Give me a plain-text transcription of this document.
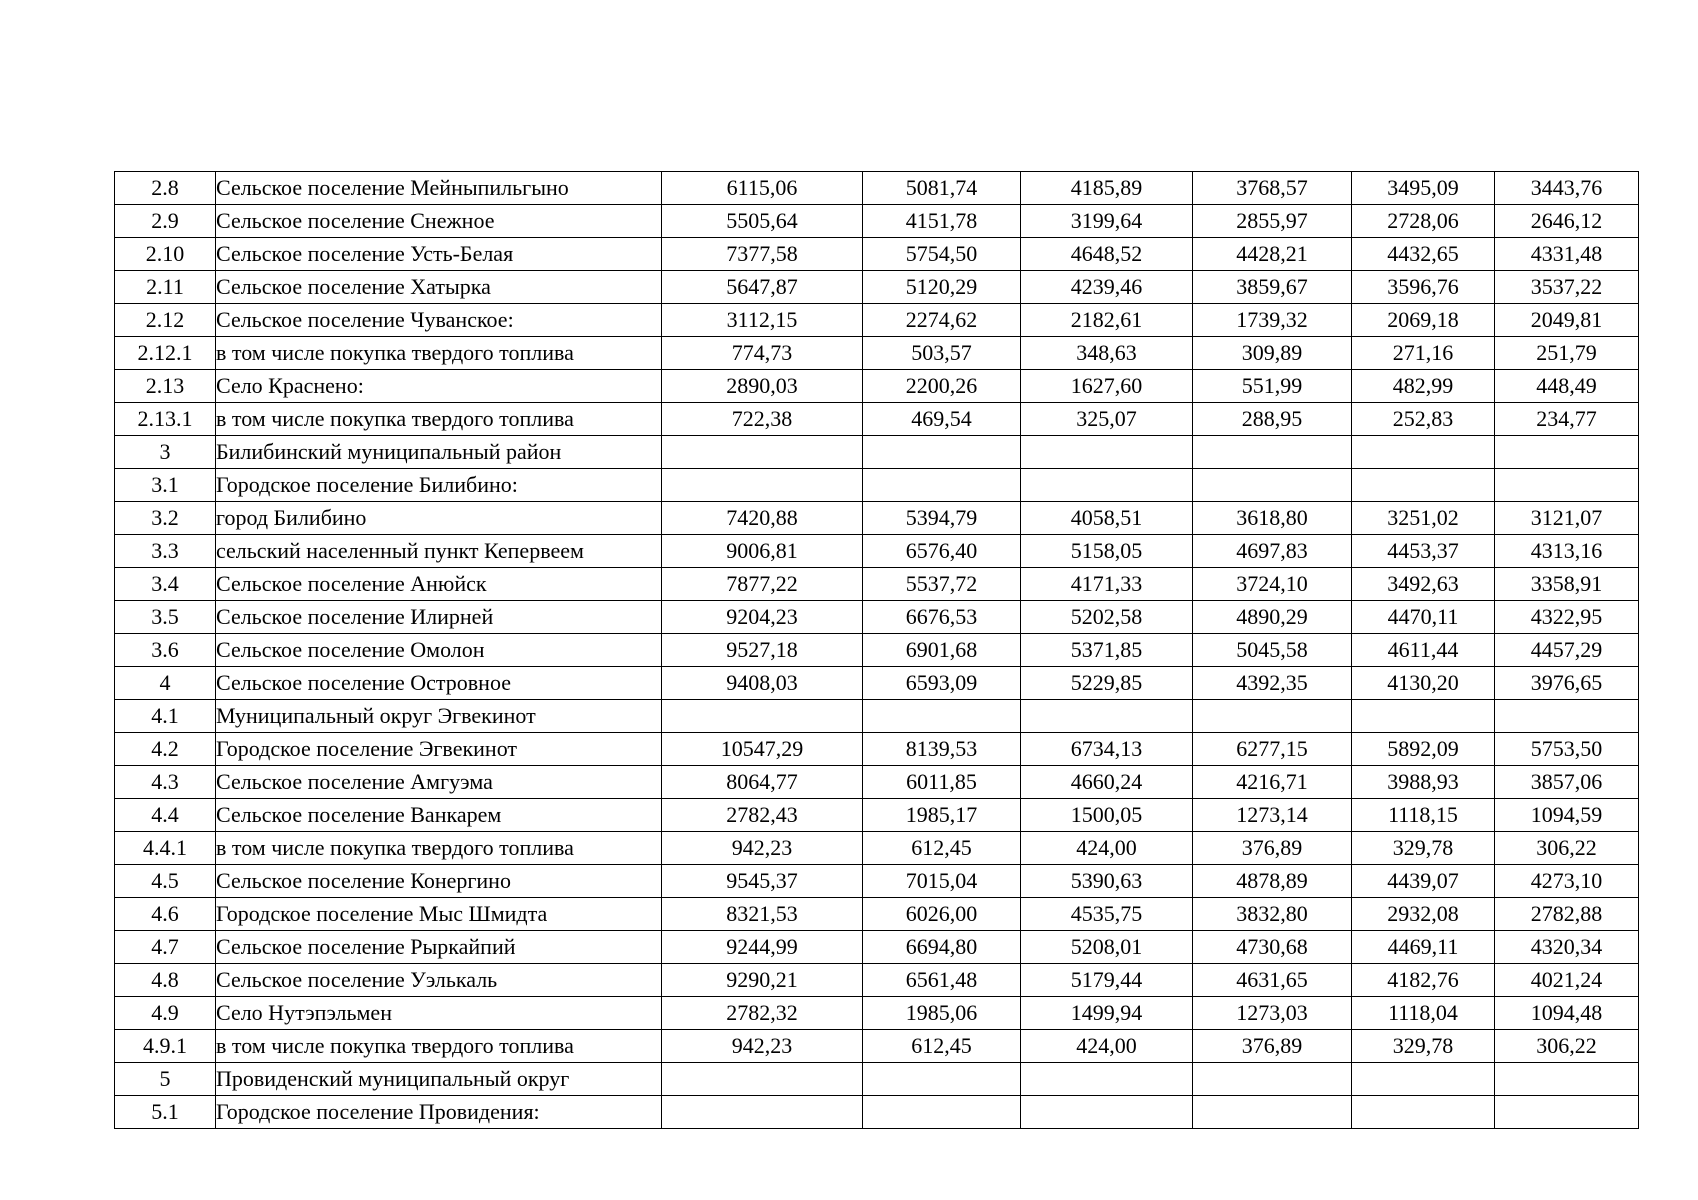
2.8	Сельское поселение Мейныпильгыно	6115,06	5081,74	4185,89	3768,57	3495,09	3443,76
2.9	Сельское поселение Снежное	5505,64	4151,78	3199,64	2855,97	2728,06	2646,12
2.10	Сельское поселение Усть-Белая	7377,58	5754,50	4648,52	4428,21	4432,65	4331,48
2.11	Сельское поселение Хатырка	5647,87	5120,29	4239,46	3859,67	3596,76	3537,22
2.12	Сельское поселение Чуванское:	3112,15	2274,62	2182,61	1739,32	2069,18	2049,81
2.12.1	в том числе покупка твердого топлива	774,73	503,57	348,63	309,89	271,16	251,79
2.13	Село Краснено:	2890,03	2200,26	1627,60	551,99	482,99	448,49
2.13.1	в том числе покупка твердого топлива	722,38	469,54	325,07	288,95	252,83	234,77
3	Билибинский муниципальный район						
3.1	Городское поселение Билибино:						
3.2	город Билибино	7420,88	5394,79	4058,51	3618,80	3251,02	3121,07
3.3	сельский населенный пункт Кепервеем	9006,81	6576,40	5158,05	4697,83	4453,37	4313,16
3.4	Сельское поселение Анюйск	7877,22	5537,72	4171,33	3724,10	3492,63	3358,91
3.5	Сельское поселение Илирней	9204,23	6676,53	5202,58	4890,29	4470,11	4322,95
3.6	Сельское поселение Омолон	9527,18	6901,68	5371,85	5045,58	4611,44	4457,29
4	Сельское поселение Островное	9408,03	6593,09	5229,85	4392,35	4130,20	3976,65
4.1	Муниципальный округ Эгвекинот						
4.2	Городское поселение Эгвекинот	10547,29	8139,53	6734,13	6277,15	5892,09	5753,50
4.3	Сельское поселение Амгуэма	8064,77	6011,85	4660,24	4216,71	3988,93	3857,06
4.4	Сельское поселение Ванкарем	2782,43	1985,17	1500,05	1273,14	1118,15	1094,59
4.4.1	в том числе покупка твердого топлива	942,23	612,45	424,00	376,89	329,78	306,22
4.5	Сельское поселение Конергино	9545,37	7015,04	5390,63	4878,89	4439,07	4273,10
4.6	Городское поселение Мыс Шмидта	8321,53	6026,00	4535,75	3832,80	2932,08	2782,88
4.7	Сельское поселение Рыркайпий	9244,99	6694,80	5208,01	4730,68	4469,11	4320,34
4.8	Сельское поселение Уэлькаль	9290,21	6561,48	5179,44	4631,65	4182,76	4021,24
4.9	Село Нутэпэльмен	2782,32	1985,06	1499,94	1273,03	1118,04	1094,48
4.9.1	в том числе покупка твердого топлива	942,23	612,45	424,00	376,89	329,78	306,22
5	Провиденский муниципальный округ						
5.1	Городское поселение Провидения:						
